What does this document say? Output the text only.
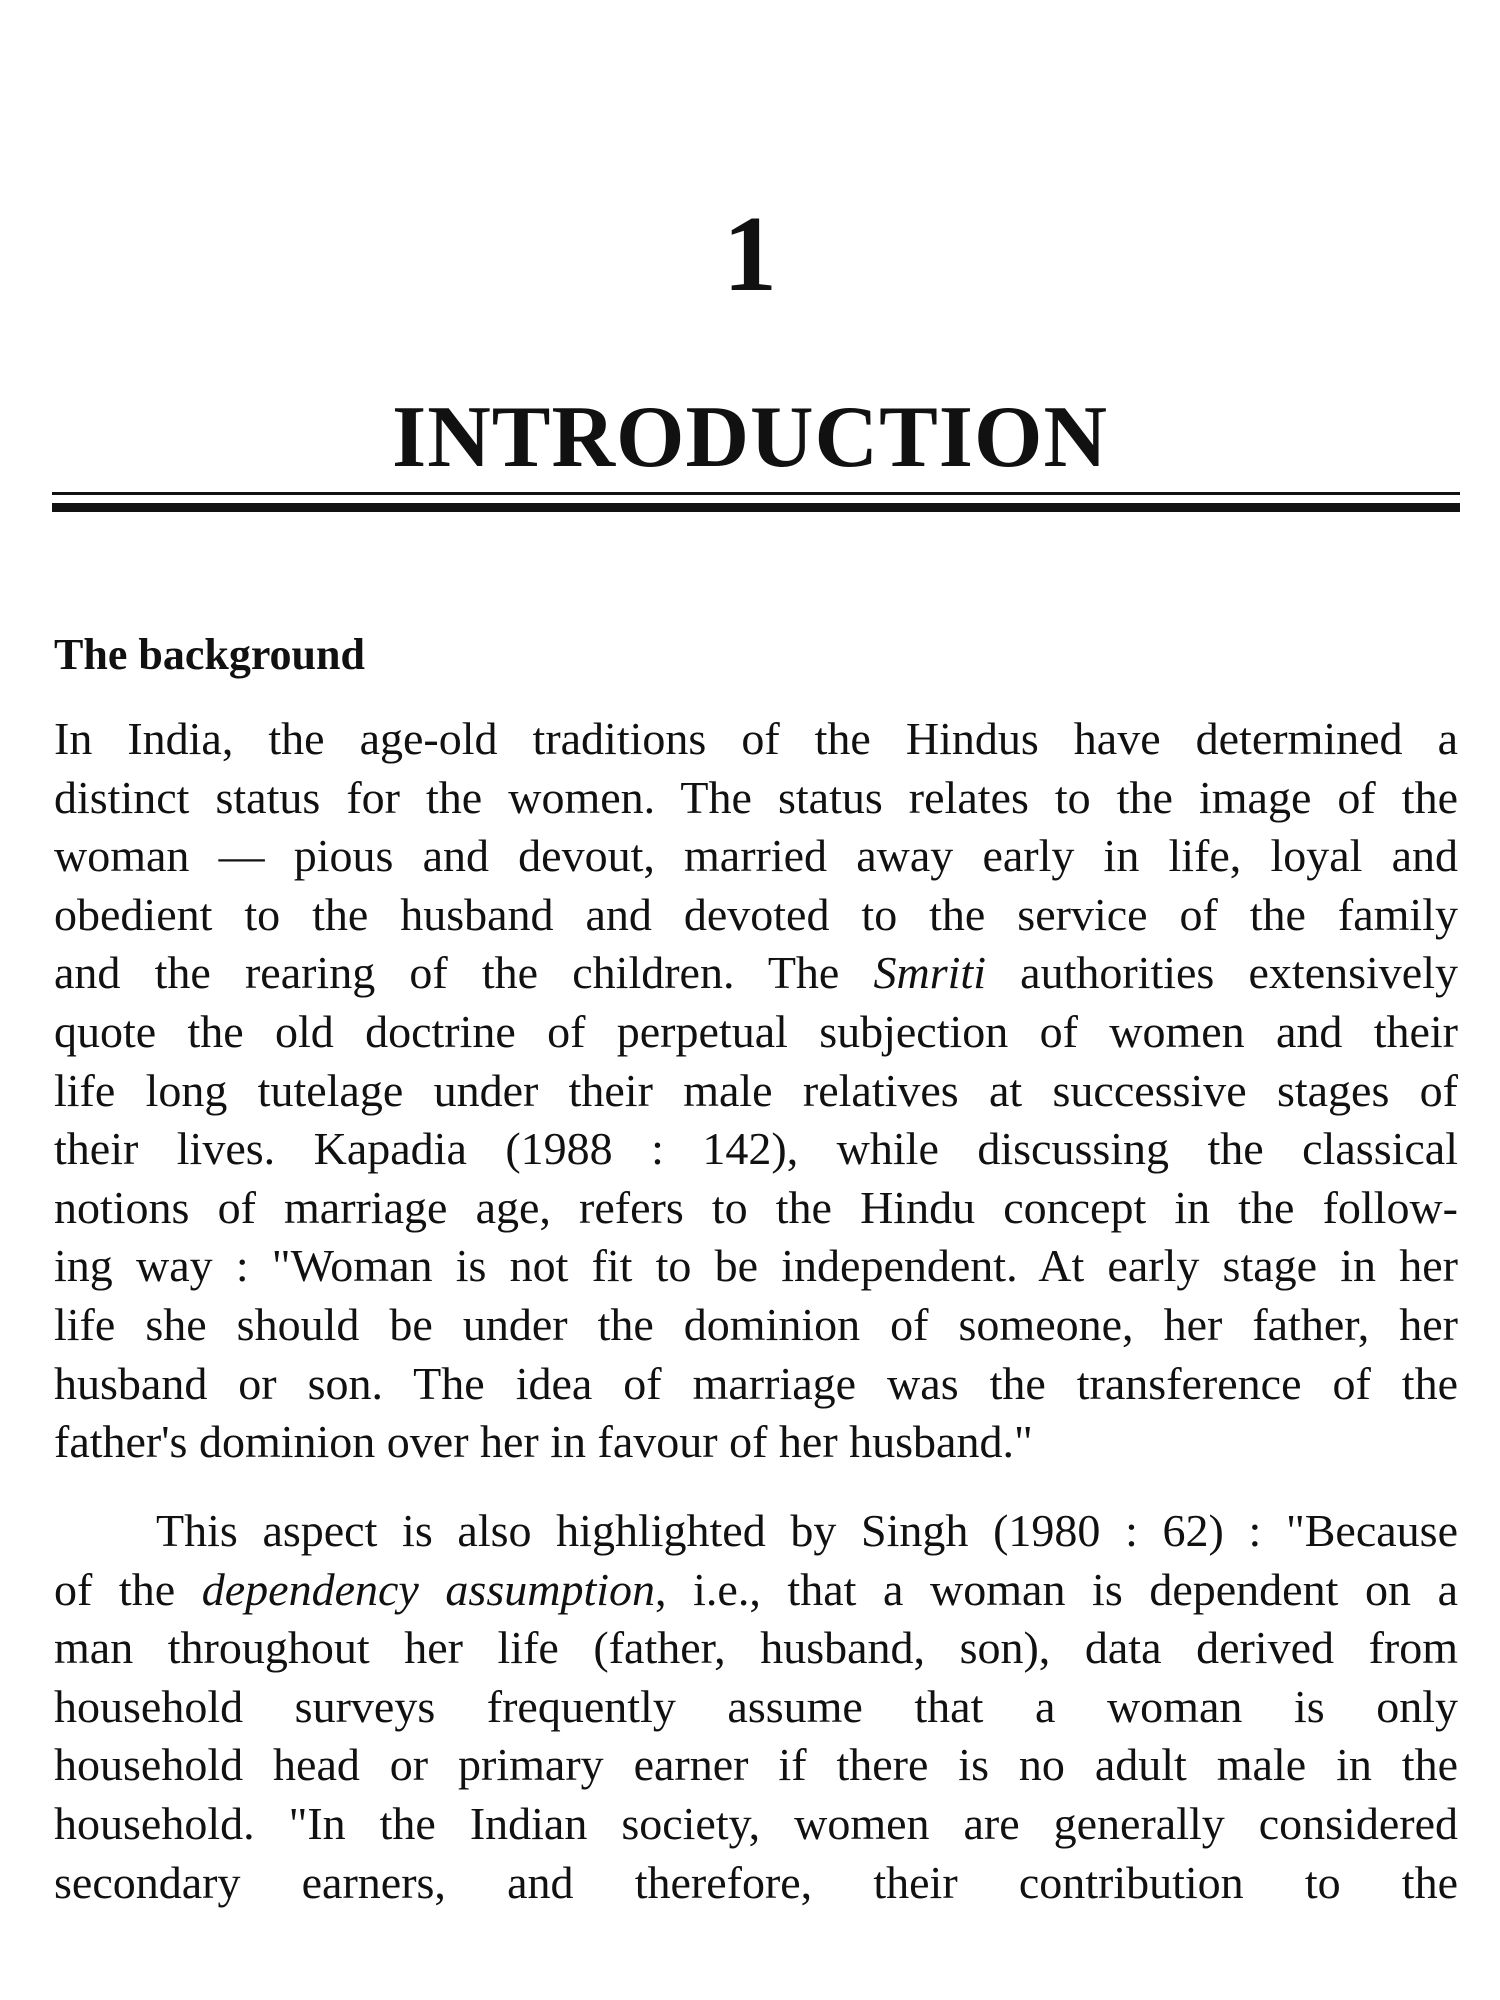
1
INTRODUCTION
The background
In India, the age-old traditions of the Hindus have determined a
distinct status for the women. The status relates to the image of the
woman — pious and devout, married away early in life, loyal and
obedient to the husband and devoted to the service of the family
and the rearing of the children. The Smriti authorities extensively
quote the old doctrine of perpetual subjection of women and their
life long tutelage under their male relatives at successive stages of
their lives. Kapadia (1988 : 142), while discussing the classical
notions of marriage age, refers to the Hindu concept in the follow-
ing way : "Woman is not fit to be independent. At early stage in her
life she should be under the dominion of someone, her father, her
husband or son. The idea of marriage was the transference of the
father's dominion over her in favour of her husband."
This aspect is also highlighted by Singh (1980 : 62) : "Because
of the dependency assumption, i.e., that a woman is dependent on a
man throughout her life (father, husband, son), data derived from
household surveys frequently assume that a woman is only
household head or primary earner if there is no adult male in the
household. "In the Indian society, women are generally considered
secondary earners, and therefore, their contribution to the
